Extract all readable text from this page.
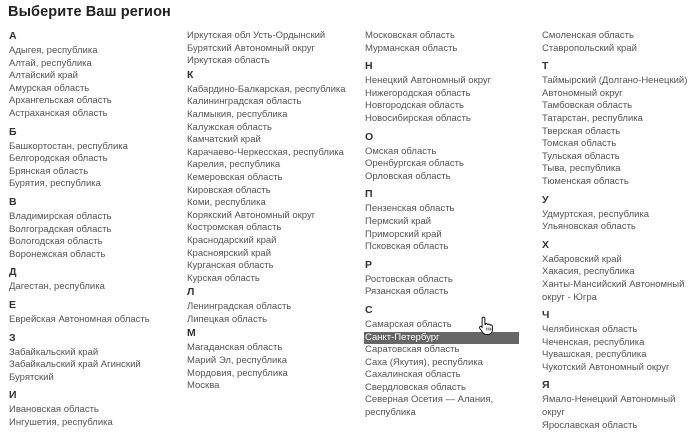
Выберите Ваш регион
А
Адыгея, республика
Алтай, республика
Алтайский край
Амурская область
Архангельская область
Астраханская область
Б
Башкортостан, республика
Белгородская область
Брянская область
Бурятия, республика
В
Владимирская область
Волгоградская область
Вологодская область
Воронежская область
Д
Дагестан, республика
Е
Еврейская Автономная область
З
Забайкальский край
Забайкальский край Агинский Бурятский
И
Ивановская область
Ингушетия, республика
Иркутская обл Усть-Ордынский Бурятский Автономный округ
Иркутская область
К
Кабардино-Балкарская, республика
Калининградская область
Калмыкия, республика
Калужская область
Камчатский край
Карачаево-Черкесская, республика
Карелия, республика
Кемеровская область
Кировская область
Коми, республика
Корякский Автономный округ
Костромская область
Краснодарский край
Красноярский край
Курганская область
Курская область
Л
Ленинградская область
Липецкая область
М
Магаданская область
Марий Эл, республика
Мордовия, республика
Москва
Московская область
Мурманская область
Н
Ненецкий Автономный округ
Нижегородская область
Новгородская область
Новосибирская область
О
Омская область
Оренбургская область
Орловская область
П
Пензенская область
Пермский край
Приморский край
Псковская область
Р
Ростовская область
Рязанская область
С
Самарская область
Санкт-Петербург
Саратовская область
Саха (Якутия), республика
Сахалинская область
Свердловская область
Северная Осетия — Алания, республика
Смоленская область
Ставропольский край
Т
Таймырский (Долгано-Ненецкий) Автономный округ
Тамбовская область
Татарстан, республика
Тверская область
Томская область
Тульская область
Тыва, республика
Тюменская область
У
Удмуртская, республика
Ульяновская область
Х
Хабаровский край
Хакасия, республика
Ханты-Мансийский Автономный округ - Югра
Ч
Челябинская область
Чеченская, республика
Чувашская, республика
Чукотский Автономный округ
Я
Ямало-Ненецкий Автономный округ
Ярославская область
